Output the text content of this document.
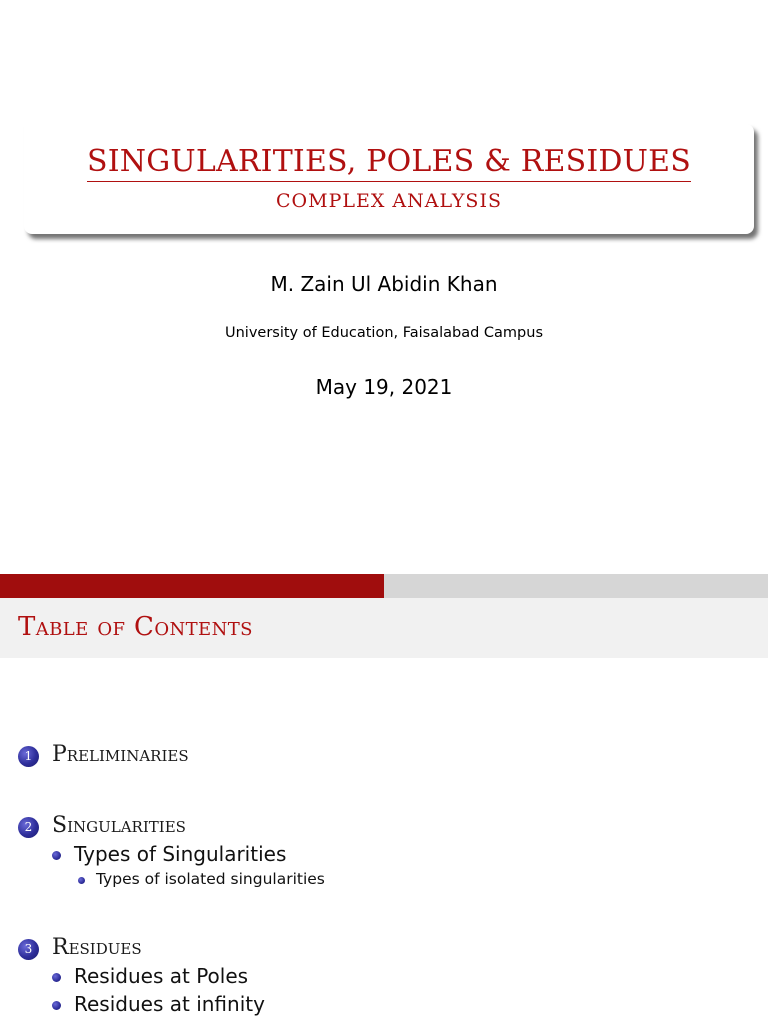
SINGULARITIES, POLES & RESIDUES
COMPLEX ANALYSIS
M. Zain Ul Abidin Khan
University of Education, Faisalabad Campus
May 19, 2021
Table of Contents
1 Preliminaries
2 Singularities
Types of Singularities
Types of isolated singularities
3 Residues
Residues at Poles
Residues at infinity
